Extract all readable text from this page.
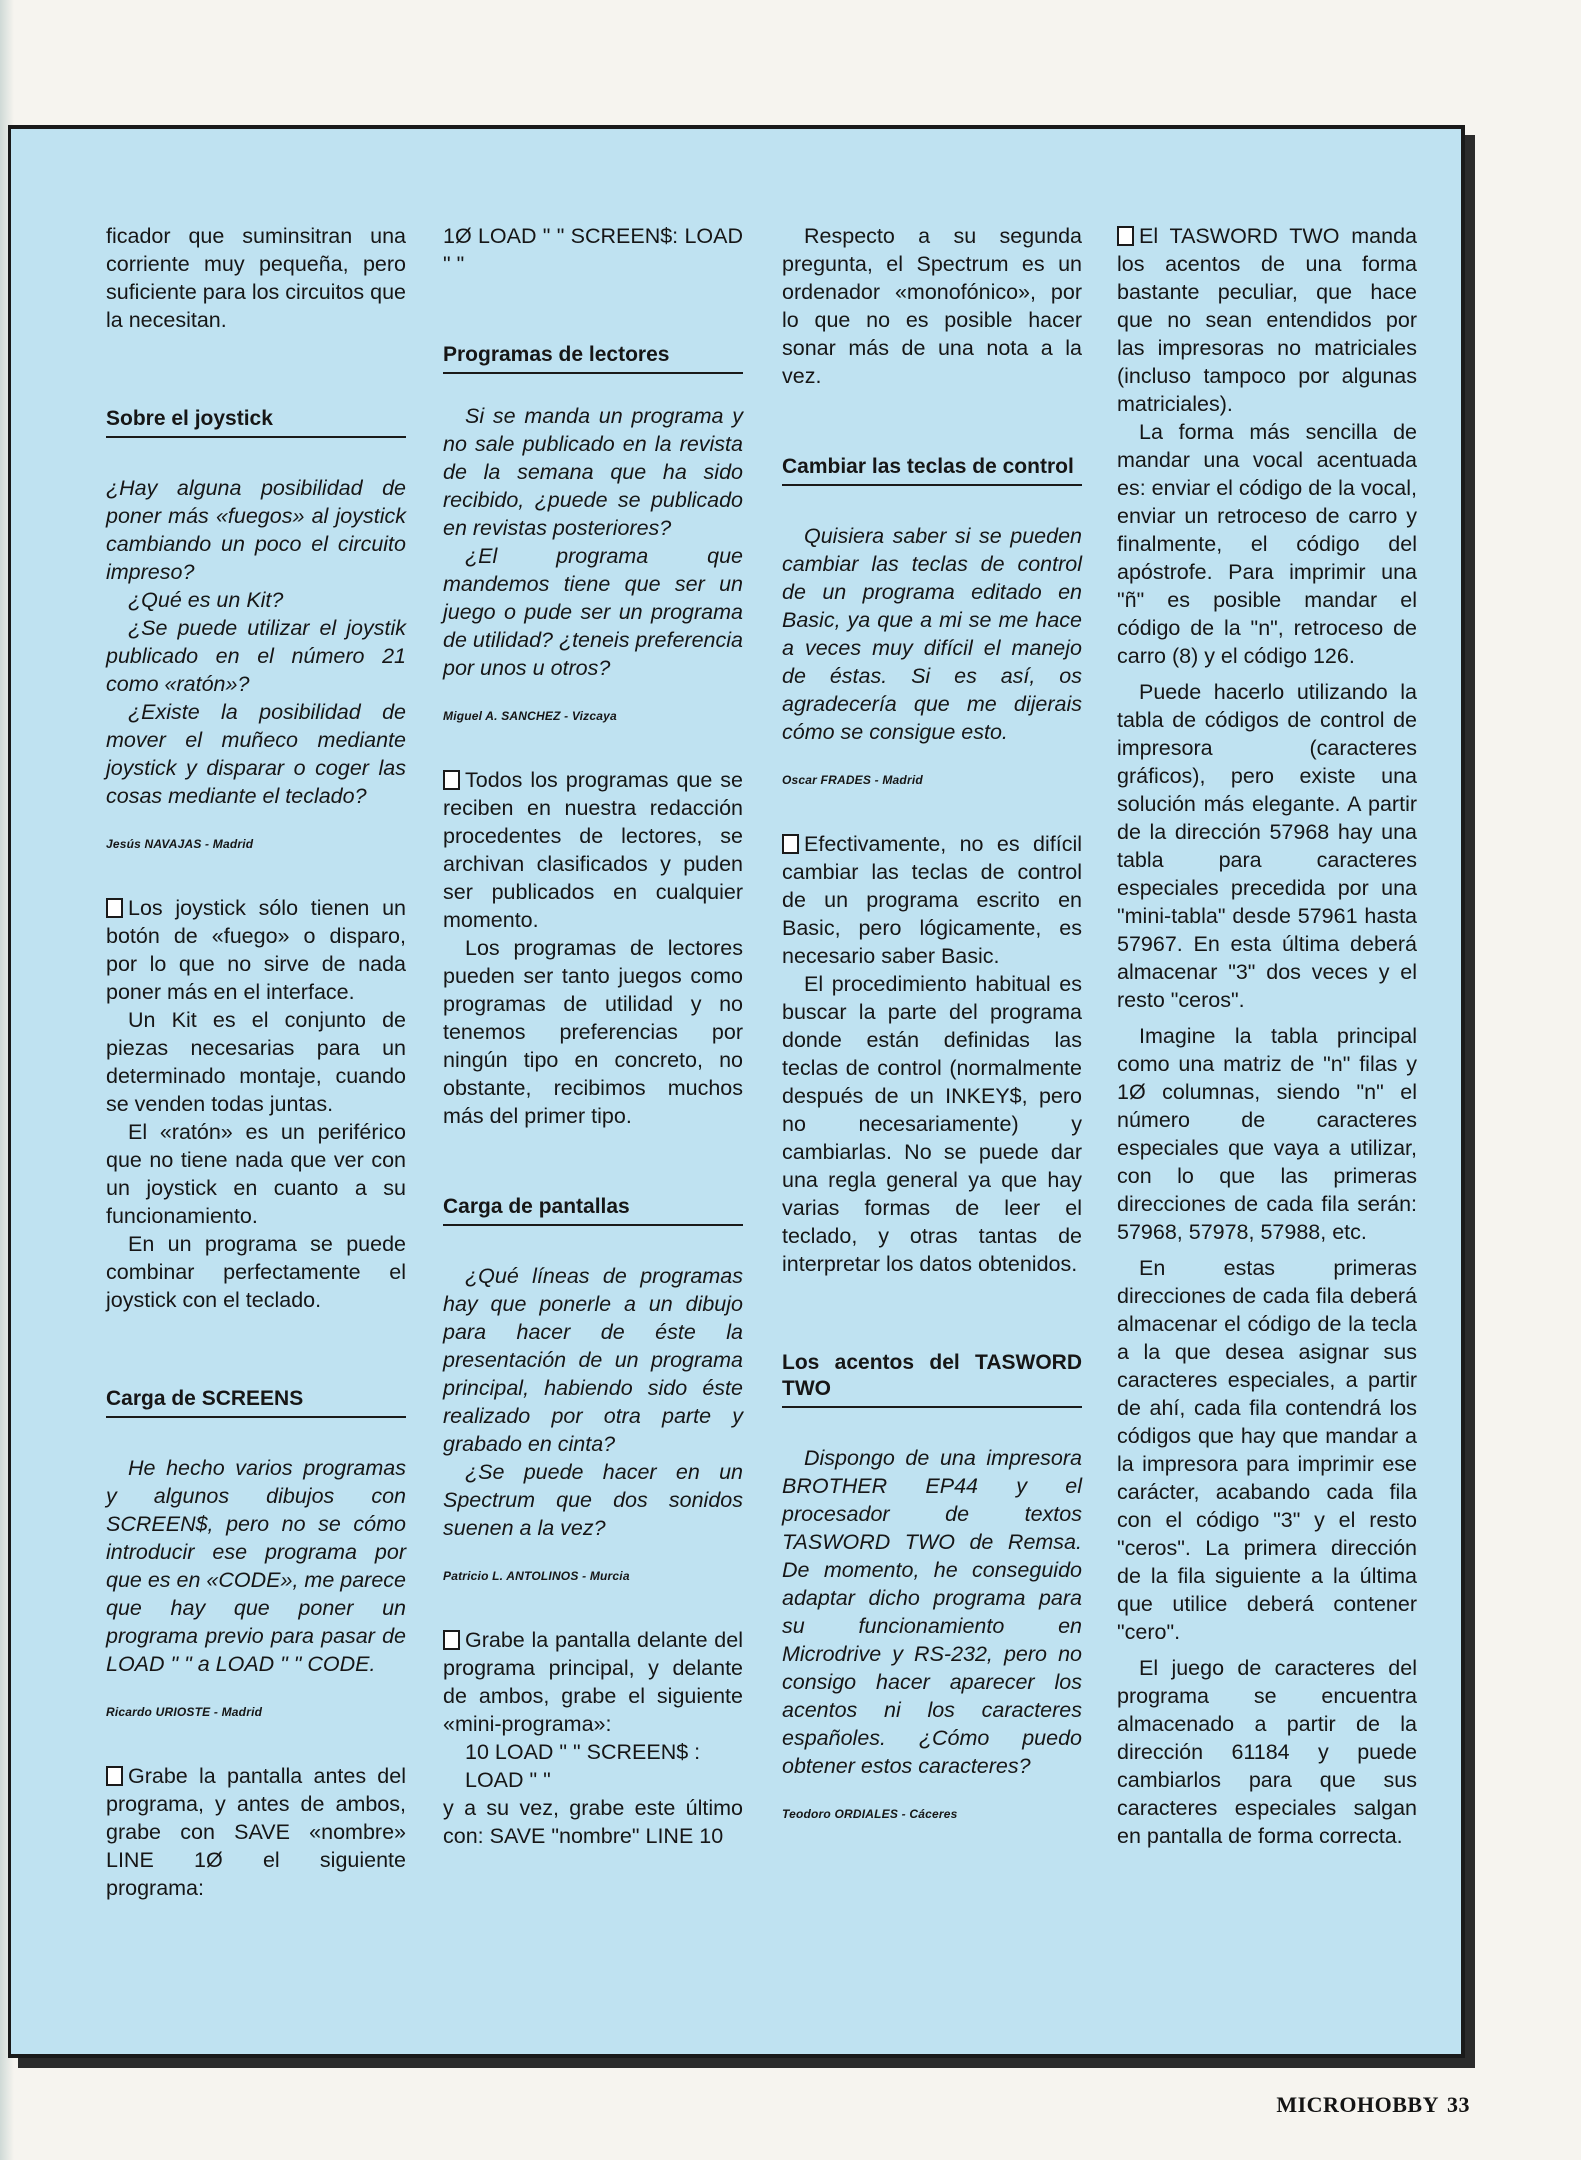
ficador que suminsitran una corriente muy pequeña, pero suficiente para los circuitos que la necesitan.

Sobre el joystick

¿Hay alguna posibilidad de poner más «fuegos» al joystick cambiando un poco el circuito impreso?

¿Qué es un Kit?

¿Se puede utilizar el joystik publicado en el número 21 como «ratón»?

¿Existe la posibilidad de mover el muñeco mediante joystick y disparar o coger las cosas mediante el teclado?

Jesús NAVAJAS - Madrid

Los joystick sólo tienen un botón de «fuego» o disparo, por lo que no sirve de nada poner más en el interface.

Un Kit es el conjunto de piezas necesarias para un determinado montaje, cuando se venden todas juntas.

El «ratón» es un periférico que no tiene nada que ver con un joystick en cuanto a su funcionamiento.

En un programa se puede combinar perfectamente el joystick con el teclado.

Carga de SCREENS

He hecho varios programas y algunos dibujos con SCREEN$, pero no se cómo introducir ese programa por que es en «CODE», me parece que hay que poner un programa previo para pasar de LOAD " " a LOAD " " CODE.

Ricardo URIOSTE - Madrid

Grabe la pantalla antes del programa, y antes de ambos, grabe con SAVE «nombre» LINE 1Ø el siguiente programa:

1Ø LOAD " " SCREEN$: LOAD " "

Programas de lectores

Si se manda un programa y no sale publicado en la revista de la semana que ha sido recibido, ¿puede se publicado en revistas posteriores?

¿El programa que mandemos tiene que ser un juego o pude ser un programa de utilidad? ¿teneis preferencia por unos u otros?

Miguel A. SANCHEZ - Vizcaya

Todos los programas que se reciben en nuestra redacción procedentes de lectores, se archivan clasificados y puden ser publicados en cualquier momento.

Los programas de lectores pueden ser tanto juegos como programas de utilidad y no tenemos preferencias por ningún tipo en concreto, no obstante, recibimos muchos más del primer tipo.

Carga de pantallas

¿Qué líneas de programas hay que ponerle a un dibujo para hacer de éste la presentación de un programa principal, habiendo sido éste realizado por otra parte y grabado en cinta?

¿Se puede hacer en un Spectrum que dos sonidos suenen a la vez?

Patricio L. ANTOLINOS - Murcia

Grabe la pantalla delante del programa principal, y delante de ambos, grabe el siguiente «mini-programa»:

10 LOAD " " SCREEN$ :

LOAD " "

y a su vez, grabe este último con: SAVE "nombre" LINE 10

Respecto a su segunda pregunta, el Spectrum es un ordenador «monofónico», por lo que no es posible hacer sonar más de una nota a la vez.

Cambiar las teclas de control

Quisiera saber si se pueden cambiar las teclas de control de un programa editado en Basic, ya que a mi se me hace a veces muy difícil el manejo de éstas. Si es así, os agradecería que me dijerais cómo se consigue esto.

Oscar FRADES - Madrid

Efectivamente, no es difícil cambiar las teclas de control de un programa escrito en Basic, pero lógicamente, es necesario saber Basic.

El procedimiento habitual es buscar la parte del programa donde están definidas las teclas de control (normalmente después de un INKEY$, pero no necesariamente) y cambiarlas. No se puede dar una regla general ya que hay varias formas de leer el teclado, y otras tantas de interpretar los datos obtenidos.

Los acentos del TASWORD TWO

Dispongo de una impresora BROTHER EP44 y el procesador de textos TASWORD TWO de Remsa. De momento, he conseguido adaptar dicho programa para su funcionamiento en Microdrive y RS-232, pero no consigo hacer aparecer los acentos ni los caracteres españoles. ¿Cómo puedo obtener estos caracteres?

Teodoro ORDIALES - Cáceres

El TASWORD TWO manda los acentos de una forma bastante peculiar, que hace que no sean entendidos por las impresoras no matriciales (incluso tampoco por algunas matriciales).

La forma más sencilla de mandar una vocal acentuada es: enviar el código de la vocal, enviar un retroceso de carro y finalmente, el código del apóstrofe. Para imprimir una "ñ" es posible mandar el código de la "n", retroceso de carro (8) y el código 126.

Puede hacerlo utilizando la tabla de códigos de control de impresora (caracteres gráficos), pero existe una solución más elegante. A partir de la dirección 57968 hay una tabla para caracteres especiales precedida por una "mini-tabla" desde 57961 hasta 57967. En esta última deberá almacenar "3" dos veces y el resto "ceros".

Imagine la tabla principal como una matriz de "n" filas y 1Ø columnas, siendo "n" el número de caracteres especiales que vaya a utilizar, con lo que las primeras direcciones de cada fila serán: 57968, 57978, 57988, etc.

En estas primeras direcciones de cada fila deberá almacenar el código de la tecla a la que desea asignar sus caracteres especiales, a partir de ahí, cada fila contendrá los códigos que hay que mandar a la impresora para imprimir ese carácter, acabando cada fila con el código "3" y el resto "ceros". La primera dirección de la fila siguiente a la última que utilice deberá contener "cero".

El juego de caracteres del programa se encuentra almacenado a partir de la dirección 61184 y puede cambiarlos para que sus caracteres especiales salgan en pantalla de forma correcta.

MICROHOBBY 33
